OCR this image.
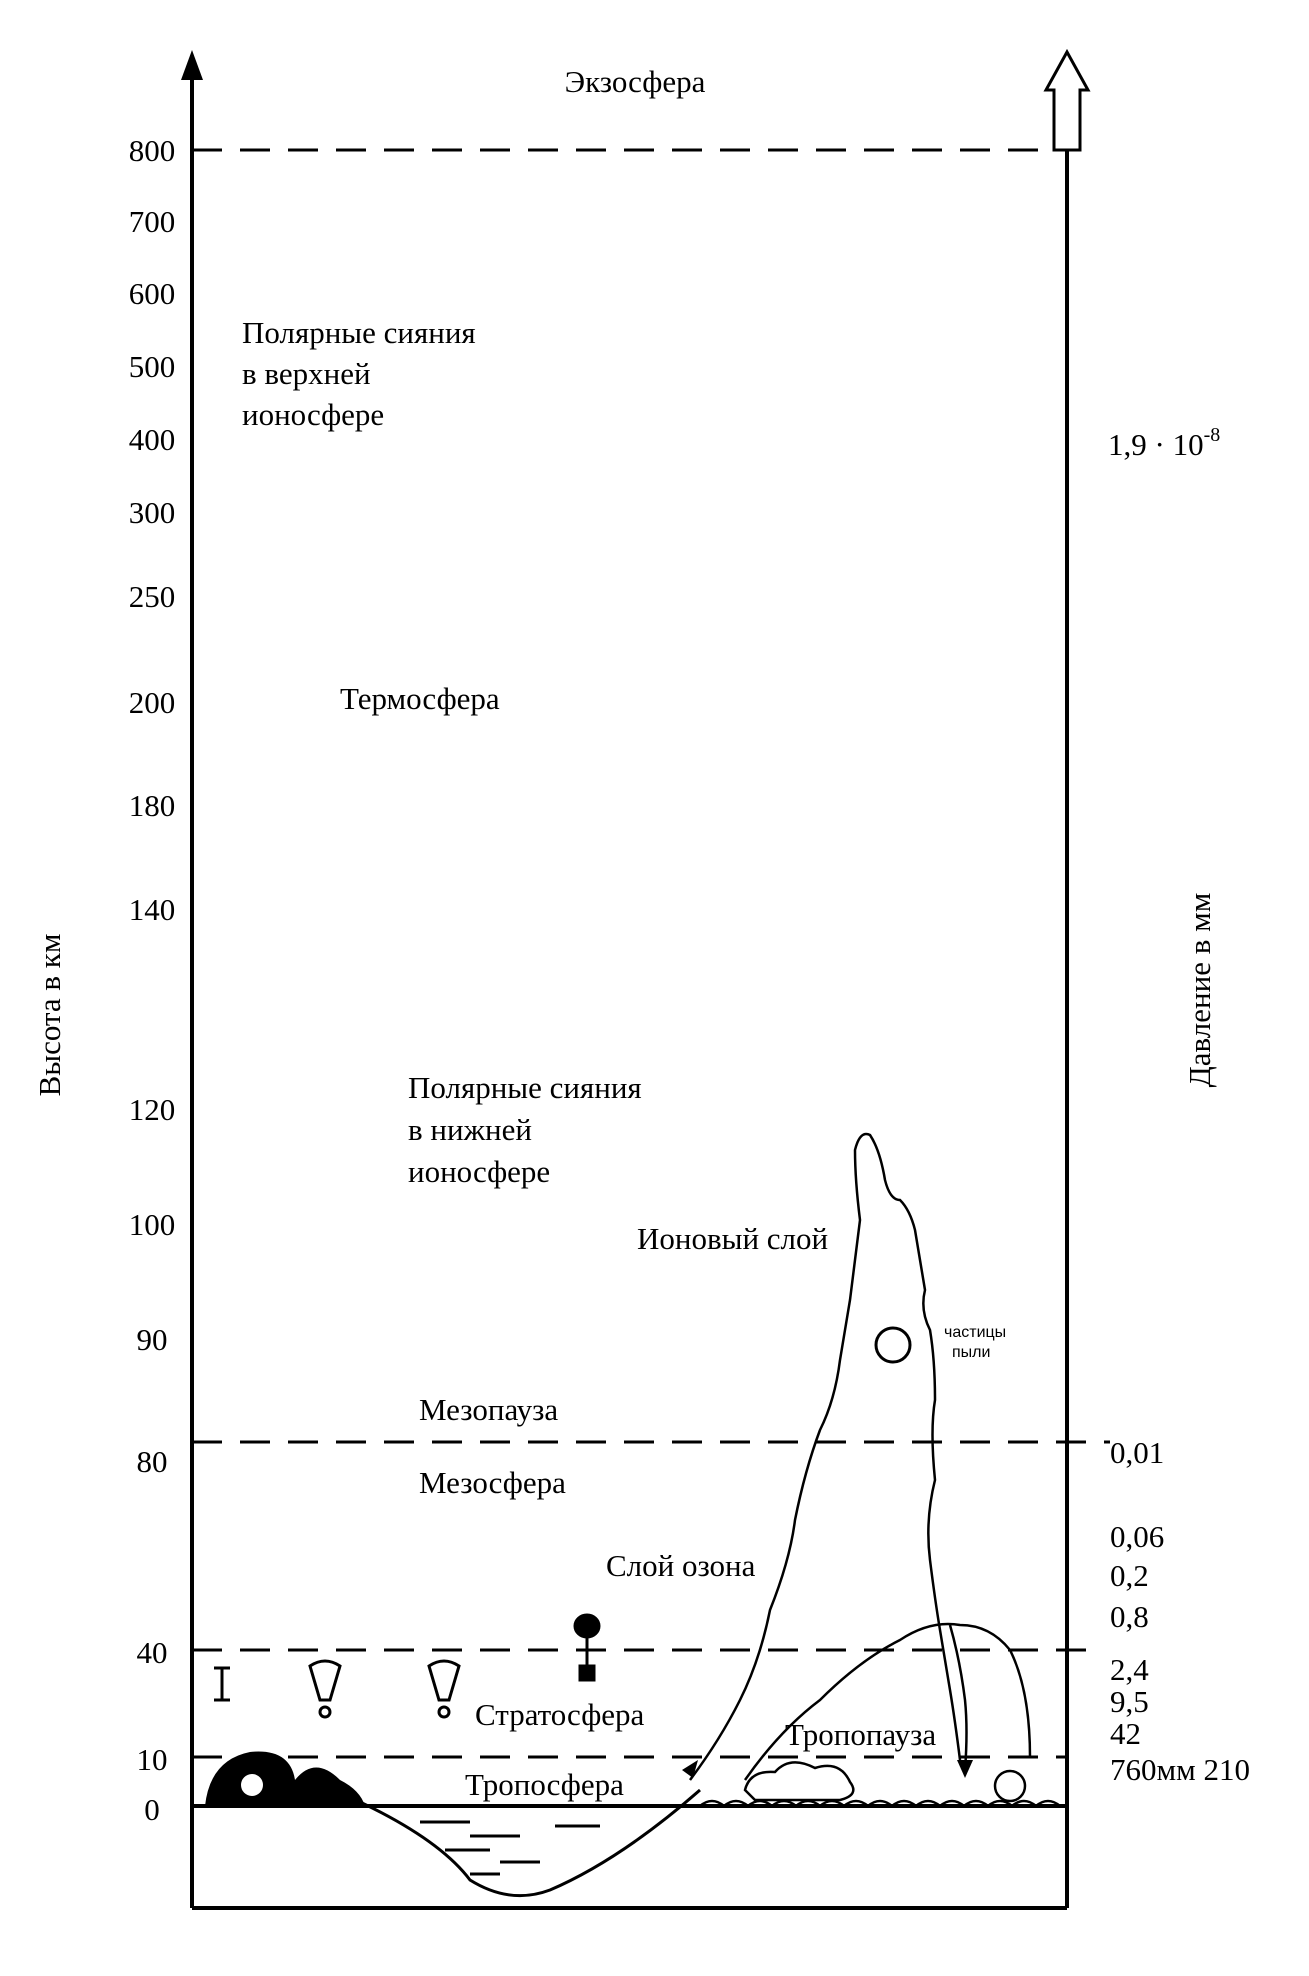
800
700
600
500
400
300
250
200
180
140
120
100
90
80
40
10
0
Высота в км	Давление в мм
$1,9 \cdot 10^{-8}$
0,01
0,06
0,2
0,8
2,4
9,5
42
760мм 210
Экзосфера
Полярные сияния
в верхней
ионосфере
Термосфера
Полярные сияния
в нижней
ионосфере
Ионовый слой
частицы
пыли
Мезопауза
Мезосфера
Слой озона
Стратосфера
Тропопауза
Тропосфера
